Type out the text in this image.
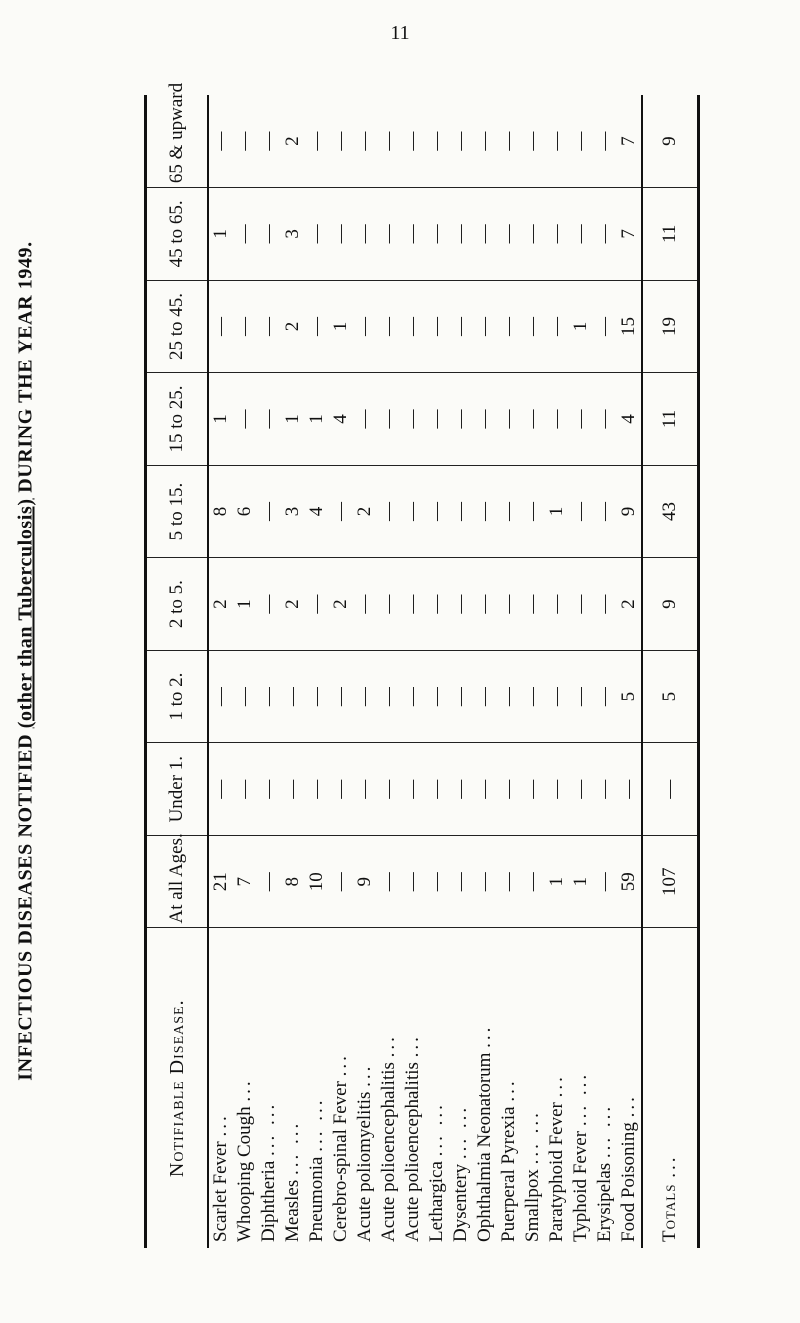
11
INFECTIOUS DISEASES NOTIFIED (other than Tuberculosis) DURING THE YEAR 1949.
Notifiable Disease.	At all Ages.	Under 1.	1 to 2.	2 to 5.	5 to 15.	15 to 25.	25 to 45.	45 to 65.	65 & upward
Scarlet Fever ...	21	—	—	2	8	1	—	1	—
Whooping Cough ...	7	—	—	1	6	—	—	—	—
Diphtheria ... ...	—	—	—	—	—	—	—	—	—
Measles ... ...	8	—	—	2	3	1	2	3	2
Pneumonia ... ...	10	—	—	—	4	1	—	—	—
Cerebro-spinal Fever ...	—	—	—	2	—	4	1	—	—
Acute poliomyelitis ...	9	—	—	—	2	—	—	—	—
Acute polioencephalitis ...	—	—	—	—	—	—	—	—	—
Acute polioencephalitis ...	—	—	—	—	—	—	—	—	—
Lethargica ... ...	—	—	—	—	—	—	—	—	—
Dysentery ... ...	—	—	—	—	—	—	—	—	—
Ophthalmia Neonatorum ...	—	—	—	—	—	—	—	—	—
Puerperal Pyrexia ...	—	—	—	—	—	—	—	—	—
Smallpox ... ...	—	—	—	—	—	—	—	—	—
Paratyphoid Fever ...	1	—	—	—	1	—	—	—	—
Typhoid Fever ... ...	1	—	—	—	—	—	1	—	—
Erysipelas ... ...	—	—	—	—	—	—	—	—	—
Food Poisoning ...	59	—	5	2	9	4	15	7	7
Totals ...	107	—	5	9	43	11	19	11	9
